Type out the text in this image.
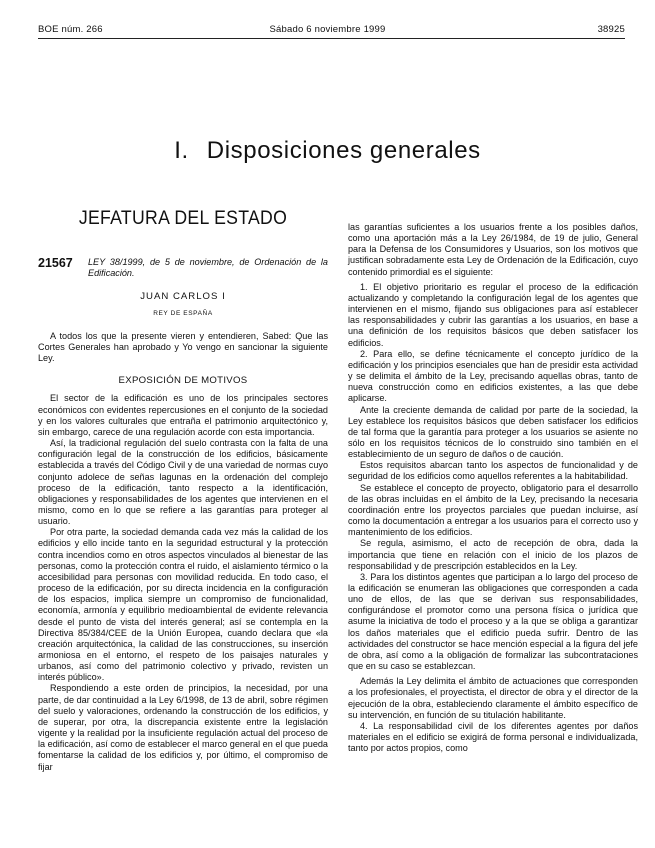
BOE núm. 266	Sábado 6 noviembre 1999	38925
I. Disposiciones generales
JEFATURA DEL ESTADO
21567	LEY 38/1999, de 5 de noviembre, de Ordenación de la Edificación.
JUAN CARLOS I
REY DE ESPAÑA

A todos los que la presente vieren y entendieren, Sabed: Que las Cortes Generales han aprobado y Yo vengo en sancionar la siguiente Ley.

EXPOSICIÓN DE MOTIVOS

El sector de la edificación es uno de los principales sectores económicos con evidentes repercusiones en el conjunto de la sociedad y en los valores culturales que entraña el patrimonio arquitectónico y, sin embargo, carece de una regulación acorde con esta importancia.

Así, la tradicional regulación del suelo contrasta con la falta de una configuración legal de la construcción de los edificios, básicamente establecida a través del Código Civil y de una variedad de normas cuyo conjunto adolece de señas lagunas en la ordenación del complejo proceso de la edificación, tanto respecto a la identificación, obligaciones y responsabilidades de los agentes que intervienen en el mismo, como en lo que se refiere a las garantías para proteger al usuario.

Por otra parte, la sociedad demanda cada vez más la calidad de los edificios y ello incide tanto en la seguridad estructural y la protección contra incendios como en otros aspectos vinculados al bienestar de las personas, como la protección contra el ruido, el aislamiento térmico o la accesibilidad para personas con movilidad reducida. En todo caso, el proceso de la edificación, por su directa incidencia en la configuración de los espacios, implica siempre un compromiso de funcionalidad, economía, armonía y equilibrio medioambiental de evidente relevancia desde el punto de vista del interés general; así se contempla en la Directiva 85/384/CEE de la Unión Europea, cuando declara que «la creación arquitectónica, la calidad de las construcciones, su inserción armoniosa en el entorno, el respeto de los paisajes naturales y urbanos, así como del patrimonio colectivo y privado, revisten un interés público».

Respondiendo a este orden de principios, la necesidad, por una parte, de dar continuidad a la Ley 6/1998, de 13 de abril, sobre régimen del suelo y valoraciones, ordenando la construcción de los edificios, y de superar, por otra, la discrepancia existente entre la legislación vigente y la realidad por la insuficiente regulación actual del proceso de la edificación, así como de establecer el marco general en el que pueda fomentarse la calidad de los edificios y, por último, el compromiso de fijar

las garantías suficientes a los usuarios frente a los posibles daños, como una aportación más a la Ley 26/1984, de 19 de julio, General para la Defensa de los Consumidores y Usuarios, son los motivos que justifican sobradamente esta Ley de Ordenación de la Edificación, cuyo contenido primordial es el siguiente:

1. El objetivo prioritario es regular el proceso de la edificación actualizando y completando la configuración legal de los agentes que intervienen en el mismo, fijando sus obligaciones para así establecer las responsabilidades y cubrir las garantías a los usuarios, en base a una definición de los requisitos básicos que deben satisfacer los edificios.

2. Para ello, se define técnicamente el concepto jurídico de la edificación y los principios esenciales que han de presidir esta actividad y se delimita el ámbito de la Ley, precisando aquellas obras, tanto de nueva construcción como en edificios existentes, a las que debe aplicarse.

Ante la creciente demanda de calidad por parte de la sociedad, la Ley establece los requisitos básicos que deben satisfacer los edificios de tal forma que la garantía para proteger a los usuarios se asiente no sólo en los requisitos técnicos de lo construido sino también en el establecimiento de un seguro de daños o de caución.

Estos requisitos abarcan tanto los aspectos de funcionalidad y de seguridad de los edificios como aquellos referentes a la habitabilidad.

Se establece el concepto de proyecto, obligatorio para el desarrollo de las obras incluidas en el ámbito de la Ley, precisando la necesaria coordinación entre los proyectos parciales que puedan incluirse, así como la documentación a entregar a los usuarios para el correcto uso y mantenimiento de los edificios.

Se regula, asimismo, el acto de recepción de obra, dada la importancia que tiene en relación con el inicio de los plazos de responsabilidad y de prescripción establecidos en la Ley.

3. Para los distintos agentes que participan a lo largo del proceso de la edificación se enumeran las obligaciones que corresponden a cada uno de ellos, de las que se derivan sus responsabilidades, configurándose el promotor como una persona física o jurídica que asume la iniciativa de todo el proceso y a la que se obliga a garantizar los daños materiales que el edificio pueda sufrir. Dentro de las actividades del constructor se hace mención especial a la figura del jefe de obra, así como a la obligación de formalizar las subcontrataciones que en su caso se establezcan.

Además la Ley delimita el ámbito de actuaciones que corresponden a los profesionales, el proyectista, el director de obra y el director de la ejecución de la obra, estableciendo claramente el ámbito específico de su intervención, en función de su titulación habilitante.

4. La responsabilidad civil de los diferentes agentes por daños materiales en el edificio se exigirá de forma personal e individualizada, tanto por actos propios, como
